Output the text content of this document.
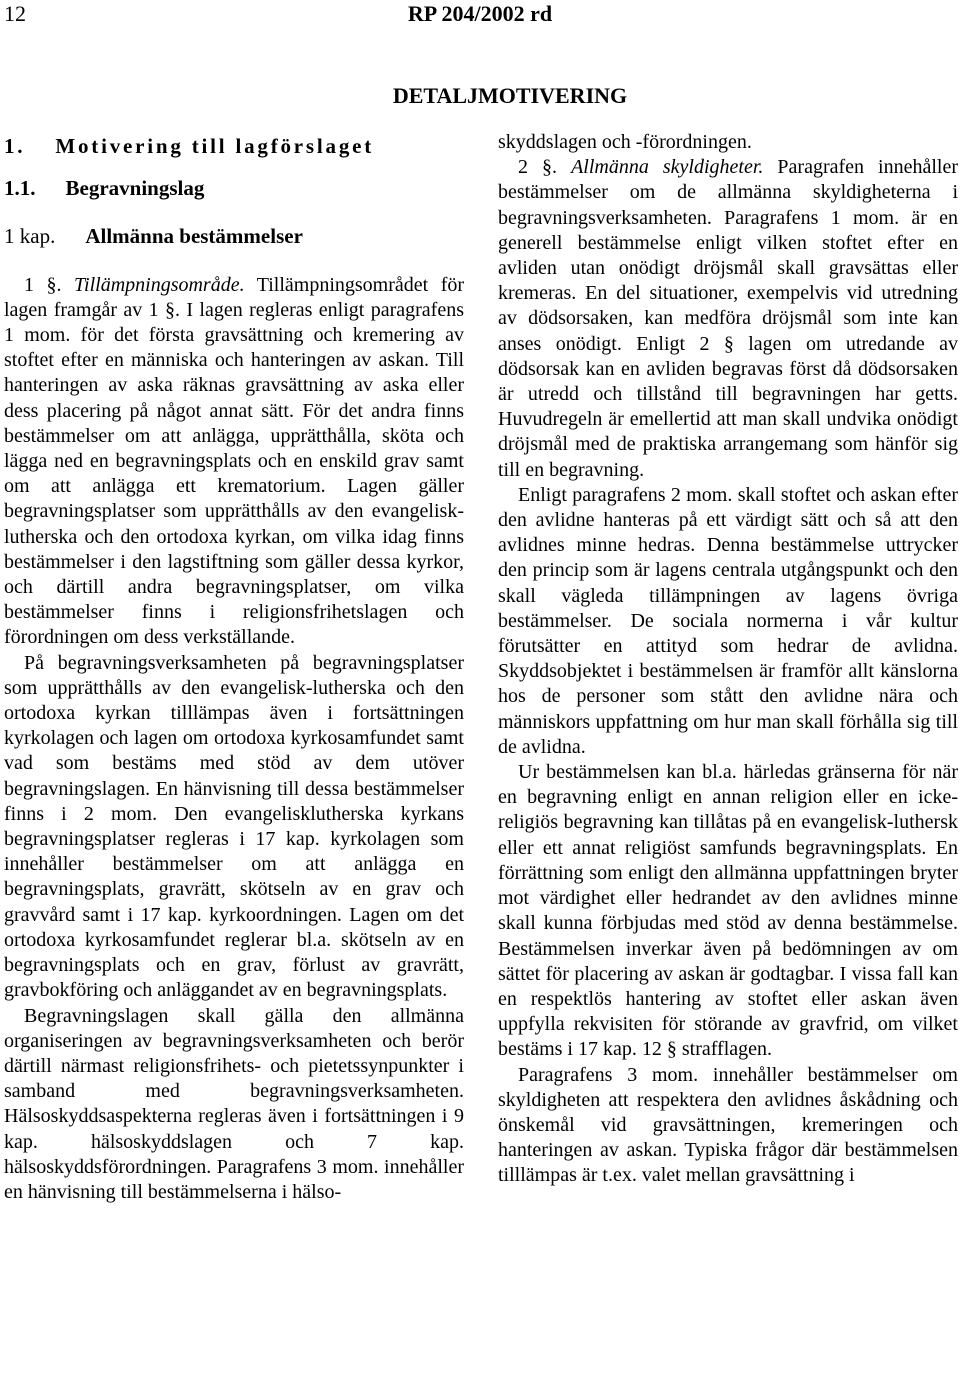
12	RP 204/2002 rd
DETALJMOTIVERING

1. Motivering till lagförslaget

1.1. Begravningslag

1 kap. Allmänna bestämmelser

1 §. Tillämpningsområde. Tillämpningsområdet för lagen framgår av 1 §. I lagen regleras enligt paragrafens 1 mom. för det första gravsättning och kremering av stoftet efter en människa och hanteringen av askan. Till hanteringen av aska räknas gravsättning av aska eller dess placering på något annat sätt. För det andra finns bestämmelser om att anlägga, upprätthålla, sköta och lägga ned en begravningsplats och en enskild grav samt om att anlägga ett krematorium. Lagen gäller begravningsplatser som upprätthålls av den evangelisk-lutherska och den ortodoxa kyrkan, om vilka idag finns bestämmelser i den lagstiftning som gäller dessa kyrkor, och därtill andra begravningsplatser, om vilka bestämmelser finns i religionsfrihetslagen och förordningen om dess verkställande.

På begravningsverksamheten på begravningsplatser som upprätthålls av den evangelisk-lutherska och den ortodoxa kyrkan tilllämpas även i fortsättningen kyrkolagen och lagen om ortodoxa kyrkosamfundet samt vad som bestäms med stöd av dem utöver begravningslagen. En hänvisning till dessa bestämmelser finns i 2 mom. Den evangelisklutherska kyrkans begravningsplatser regleras i 17 kap. kyrkolagen som innehåller bestämmelser om att anlägga en begravningsplats, gravrätt, skötseln av en grav och gravvård samt i 17 kap. kyrkoordningen. Lagen om det ortodoxa kyrkosamfundet reglerar bl.a. skötseln av en begravningsplats och en grav, förlust av gravrätt, gravbokföring och anläggandet av en begravningsplats.

Begravningslagen skall gälla den allmänna organiseringen av begravningsverksamheten och berör därtill närmast religionsfrihets- och pietetssynpunkter i samband med begravningsverksamheten. Hälsoskyddsaspekterna regleras även i fortsättningen i 9 kap. hälsoskyddslagen och 7 kap. hälsoskyddsförordningen. Paragrafens 3 mom. innehåller en hänvisning till bestämmelserna i hälso-

skyddslagen och -förordningen.

2 §. Allmänna skyldigheter. Paragrafen innehåller bestämmelser om de allmänna skyldigheterna i begravningsverksamheten. Paragrafens 1 mom. är en generell bestämmelse enligt vilken stoftet efter en avliden utan onödigt dröjsmål skall gravsättas eller kremeras. En del situationer, exempelvis vid utredning av dödsorsaken, kan medföra dröjsmål som inte kan anses onödigt. Enligt 2 § lagen om utredande av dödsorsak kan en avliden begravas först då dödsorsaken är utredd och tillstånd till begravningen har getts. Huvudregeln är emellertid att man skall undvika onödigt dröjsmål med de praktiska arrangemang som hänför sig till en begravning.

Enligt paragrafens 2 mom. skall stoftet och askan efter den avlidne hanteras på ett värdigt sätt och så att den avlidnes minne hedras. Denna bestämmelse uttrycker den princip som är lagens centrala utgångspunkt och den skall vägleda tillämpningen av lagens övriga bestämmelser. De sociala normerna i vår kultur förutsätter en attityd som hedrar de avlidna. Skyddsobjektet i bestämmelsen är framför allt känslorna hos de personer som stått den avlidne nära och människors uppfattning om hur man skall förhålla sig till de avlidna.

Ur bestämmelsen kan bl.a. härledas gränserna för när en begravning enligt en annan religion eller en icke-religiös begravning kan tillåtas på en evangelisk-luthersk eller ett annat religiöst samfunds begravningsplats. En förrättning som enligt den allmänna uppfattningen bryter mot värdighet eller hedrandet av den avlidnes minne skall kunna förbjudas med stöd av denna bestämmelse. Bestämmelsen inverkar även på bedömningen av om sättet för placering av askan är godtagbar. I vissa fall kan en respektlös hantering av stoftet eller askan även uppfylla rekvisiten för störande av gravfrid, om vilket bestäms i 17 kap. 12 § strafflagen.

Paragrafens 3 mom. innehåller bestämmelser om skyldigheten att respektera den avlidnes åskådning och önskemål vid gravsättningen, kremeringen och hanteringen av askan. Typiska frågor där bestämmelsen tilllämpas är t.ex. valet mellan gravsättning i
